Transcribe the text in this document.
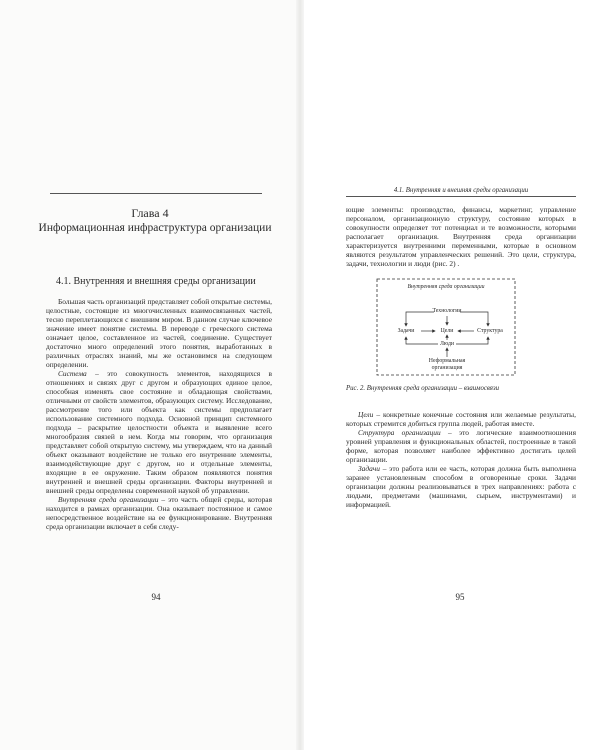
Глава 4
Информационная инфраструктура организации
4.1. Внутренняя и внешняя среды организации

Большая часть организаций представляет собой открытые системы, целостные, состоящие из многочисленных взаимосвязанных частей, тесно переплетающихся с внешним миром. В данном случае ключевое значение имеет понятие системы. В переводе с греческого система означает целое, составленное из частей, соединение. Существует достаточно много определений этого понятия, выработанных в различных отраслях знаний, мы же остановимся на следующем определении.

Система – это совокупность элементов, находящихся в отношениях и связях друг с другом и образующих единое целое, способная изменять свое состояние и обладающая свойствами, отличными от свойств элементов, образующих систему. Исследование, рассмотрение того или объекта как системы предполагает использование системного подхода. Основной принцип системного подхода – раскрытие целостности объекта и выявление всего многообразия связей в нем. Когда мы говорим, что организация представляет собой открытую систему, мы утверждаем, что на данный объект оказывают воздействие не только его внутренние элементы, взаимодействующие друг с другом, но и отдельные элементы, входящие в ее окружение. Таким образом появляются понятия внутренней и внешней среды организации. Факторы внутренней и внешней среды определены современной наукой об управлении.

Внутренняя среда организации – это часть общей среды, которая находится в рамках организации. Она оказывает постоянное и самое непосредственное воздействие на ее функционирование. Внутренняя среда организации включает в себя следу-

94
4.1. Внутренняя и внешняя среды организации

ющие элементы: производство, финансы, маркетинг, управление персоналом, организационную структуру, состояние которых в совокупности определяет тот потенциал и те возможности, которыми располагает организация. Внутренняя среда организации характеризуется внутренними переменными, которые в основном являются результатом управленческих решений. Это цели, структура, задачи, технологии и люди (рис. 2) .

Внутренняя среда организации
Технологии
Задачи	Цели	Структура
Люди
Неформальная
организация
Рис. 2. Внутренняя среда организации – взаимосвязи

Цели – конкретные конечные состояния или желаемые результаты, которых стремится добиться группа людей, работая вместе.

Структура организации – это логические взаимоотношения уровней управления и функциональных областей, построенные в такой форме, которая позволяет наиболее эффективно достигать целей организации.

Задачи – это работа или ее часть, которая должна быть выполнена заранее установленным способом в оговоренные сроки. Задачи организации должны реализовываться в трех направлениях: работа с людьми, предметами (машинами, сырьем, инструментами) и информацией.

95
